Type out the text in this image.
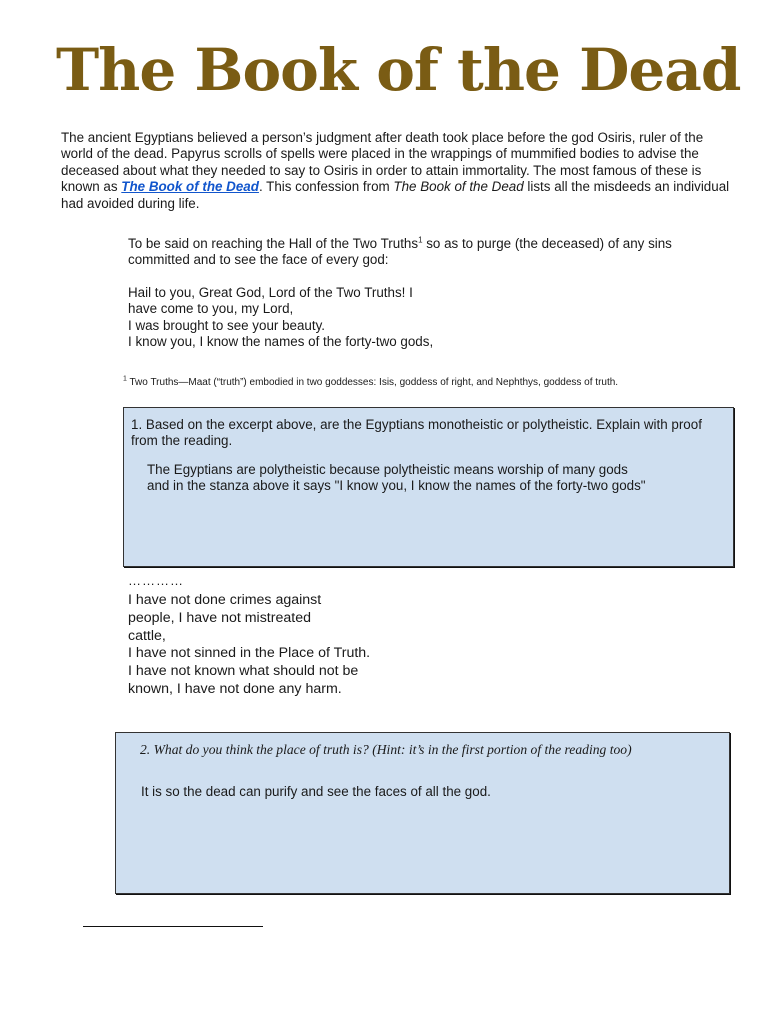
The Book of the Dead
The ancient Egyptians believed a person’s judgment after death took place before the god Osiris, ruler of the world of the dead. Papyrus scrolls of spells were placed in the wrappings of mummified bodies to advise the deceased about what they needed to say to Osiris in order to attain immortality. The most famous of these is known as The Book of the Dead. This confession from The Book of the Dead lists all the misdeeds an individual had avoided during life.
To be said on reaching the Hall of the Two Truths$^1$ so as to purge (the deceased) of any sins committed and to see the face of every god:
Hail to you, Great God, Lord of the Two Truths! I
have come to you, my Lord,
I was brought to see your beauty.
I know you, I know the names of the forty-two gods,
$^1$ Two Truths—Maat (“truth”) embodied in two goddesses: Isis, goddess of right, and Nephthys, goddess of truth.
1. Based on the excerpt above, are the Egyptians monotheistic or polytheistic. Explain with proof from the reading.
The Egyptians are polytheistic because polytheistic means worship of many gods
and in the stanza above it says "I know you, I know the names of the forty-two gods"
…………
I have not done crimes against
people, I have not mistreated
cattle,
I have not sinned in the Place of Truth.
I have not known what should not be
known, I have not done any harm.
2. What do you think the place of truth is? (Hint: it’s in the first portion of the reading too)
It is so the dead can purify and see the faces of all the god.
